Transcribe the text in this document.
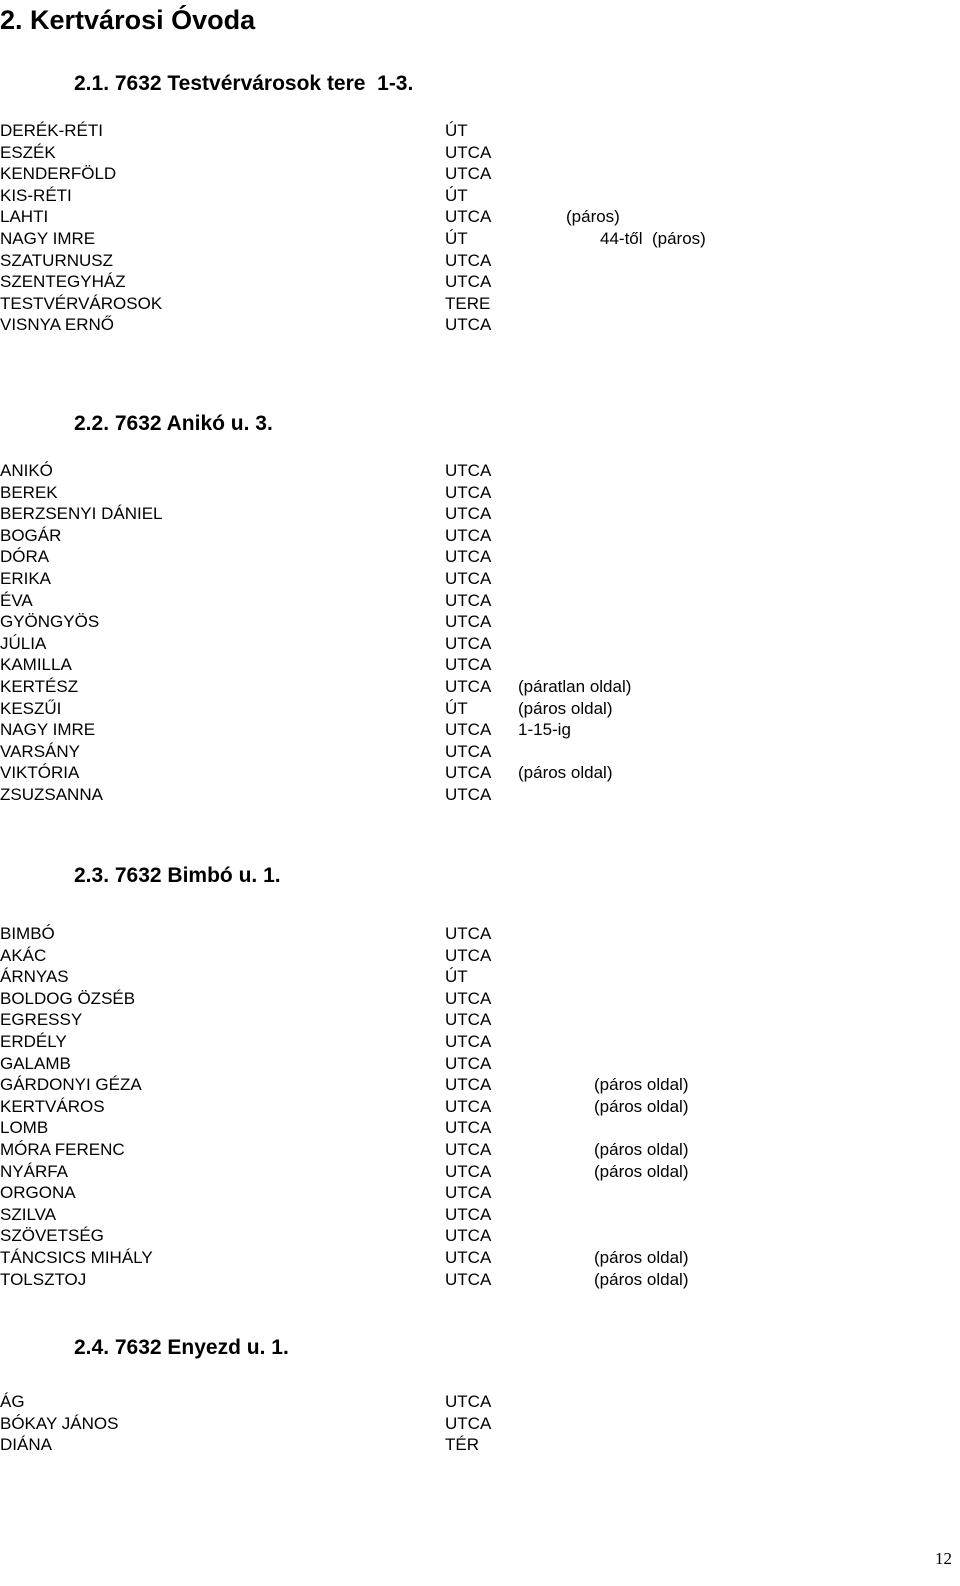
2. Kertvárosi Óvoda
2.1. 7632 Testvérvárosok tere  1-3.
DERÉK-RÉTI	ÚT
ESZÉK	UTCA
KENDERFÖLD	UTCA
KIS-RÉTI	ÚT
LAHTI	UTCA	(páros)
NAGY IMRE	ÚT	44-től  (páros)
SZATURNUSZ	UTCA
SZENTEGYHÁZ	UTCA
TESTVÉRVÁROSOK	TERE
VISNYA ERNŐ	UTCA
2.2. 7632 Anikó u. 3.
ANIKÓ	UTCA
BEREK	UTCA
BERZSENYI DÁNIEL	UTCA
BOGÁR	UTCA
DÓRA	UTCA
ERIKA	UTCA
ÉVA	UTCA
GYÖNGYÖS	UTCA
JÚLIA	UTCA
KAMILLA	UTCA
KERTÉSZ	UTCA (páratlan oldal)
KESZŰI	ÚT	(páros oldal)
NAGY IMRE	UTCA 1-15-ig
VARSÁNY	UTCA
VIKTÓRIA	UTCA (páros oldal)
ZSUZSANNA	UTCA
2.3. 7632 Bimbó u. 1.
BIMBÓ	UTCA
AKÁC	UTCA
ÁRNYAS	ÚT
BOLDOG ÖZSÉB	UTCA
EGRESSY	UTCA
ERDÉLY	UTCA
GALAMB	UTCA
GÁRDONYI GÉZA	UTCA	(páros oldal)
KERTVÁROS	UTCA	(páros oldal)
LOMB	UTCA
MÓRA FERENC	UTCA	(páros oldal)
NYÁRFA	UTCA	(páros oldal)
ORGONA	UTCA
SZILVA	UTCA
SZÖVETSÉG	UTCA
TÁNCSICS MIHÁLY	UTCA	(páros oldal)
TOLSZTOJ	UTCA	(páros oldal)
2.4. 7632 Enyezd u. 1.
ÁG	UTCA
BÓKAY JÁNOS	UTCA
DIÁNA	TÉR
12
